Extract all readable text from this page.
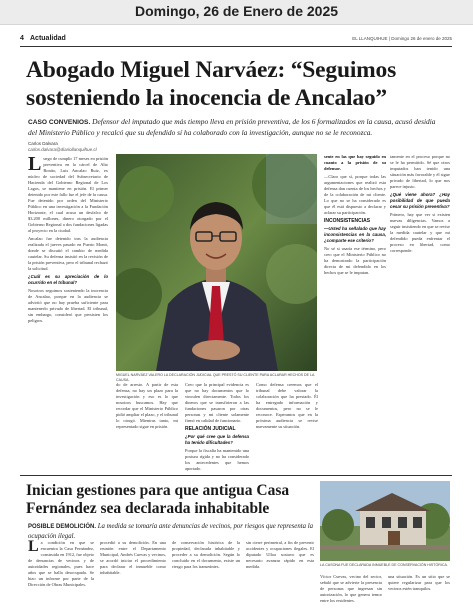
Domingo, 26 de Enero de 2025
4 Actualidad	EL LLANQUIHUE | Domingo 26 de enero de 2025
Abogado Miguel Narváez: “Seguimos sosteniendo la inocencia de Ancalao”

CASO CONVENIOS. Defensor del imputado que más tiempo lleva en prisión preventiva, de los 6 formalizados en la causa, acusó desidia del Ministerio Público y recalcó que su defendido sí ha colaborado con la investigación, aunque no se le reconozca.

Carlos Dalvara
carlos.dalvara@diariollanquihue.cl

Luego de cumplir 17 meses en prisión preventiva en la cárcel de Alto Bonito, Luis Ancalao Ruiz, ex núcleo de sociedad del Subsecretario de Hacienda del Gobierno Regional de Los Lagos, se mantiene en prisión. El primer detenido por este fallo fue el jefe de la causa. Fue detenido por orden del Ministerio Público en una investigación a la Fundación Horizonte, el cual acusa un desfalco de $3.200 millones, dinero otorgado por el Gobierno Regional a dos fundaciones ligadas al proyecto en la ciudad.

Ancalao fue detenido tras la audiencia realizada el jueves pasado en Puerto Montt, donde se discutió el cambio de medida cautelar. Su defensa insistió en la revisión de la prisión preventiva, pero el tribunal rechazó la solicitud.

¿Cuál es su apreciación de lo ocurrido en el tribunal?

Nosotros seguimos sosteniendo la inocencia de Ancalao, porque en la audiencia se advirtió que no hay prueba suficiente para mantenerlo privado de libertad. El tribunal, sin embargo, consideró que persisten los peligros.

MIGUEL NARVÁEZ VALERO LA DECLARACIÓN JUDICIAL QUE PRESTÓ SU CLIENTE PARA ACLARAR HECHOS DE LA CAUSA.

do de arresto. A partir de esta defensa, no hay un plazo para la investigación y eso es lo que nosotros buscamos. Hay que recordar que el Ministerio Público pidió ampliar el plazo, y el tribunal lo otorgó. Mientras tanto, mi representado sigue en prisión.

Creo que la principal evidencia es que no hay documentos que lo vinculen directamente. Todos los dineros que se transfirieron a las fundaciones pasaron por otras personas y mi cliente solamente firmó en calidad de funcionario.

RELACIÓN JUDICIAL

¿Por qué cree que la defensa ha tenido dificultades?

Porque la fiscalía ha mantenido una postura rígida y no ha considerado los antecedentes que hemos aportado.

Como defensa creemos que el tribunal debe valorar la colaboración que ha prestado. Él ha entregado información y documentos, pero no se le reconoce. Esperamos que en la próxima audiencia se revise nuevamente su situación.

sente en las que hay seguido en cuanto a la prisión de su defensor.

—Claro que sí, porque todas las argumentaciones que realizó esta defensa dan cuenta de los hechos y de la colaboración de mi cliente. Lo que no se ha considerado es que él está dispuesto a declarar y aclarar su participación.

INCONSISTENCIAS

—Usted ha señalado que hay inconsistencias en la causa, ¿comparte ese criterio?

No sé si usaría ese término, pero creo que el Ministerio Público no ha demostrado la participación directa de mi defendido en los hechos que se le imputan.

tamente en el proceso porque no se le ha permitido. Sé que otros imputados han tenido una situación más favorable y él sigue privado de libertad, lo que nos parece injusto.

¿Qué viene ahora? ¿Hay posibilidad de que pueda cesar su prisión preventiva?

Primero, hay que ver si existen nuevas diligencias. Vamos a seguir insistiendo en que se revise la medida cautelar y que mi defendido pueda enfrentar el proceso en libertad, como corresponde.

Inician gestiones para que antigua Casa Fernández sea declarada inhabitable

POSIBLE DEMOLICIÓN. La medida se tomaría ante denuncias de vecinos, por riesgos que representa la ocupación ilegal.

LA CASONA FUE DECLARADA INMUEBLE DE CONSERVACIÓN HISTÓRICA.

La condición en que se encuentra la Casa Fernández, construida en 1912, fue objeto de denuncias de vecinos y de autoridades regionales, pues hace años que se halla desocupada. Se hizo un informe por parte de la Dirección de Obras Municipales.

procedió a su demolición. En una reunión entre el Departamento Municipal, Andrés Cuevas y vecinos, se acordó iniciar el procedimiento para declarar el inmueble como inhabitable.

de conservación histórica de la propiedad, declarada inhabitable y proceder a su demolición. Según lo concluido en el documento, existe un riesgo para los transeúntes.

sin cierre perimetral, a fin de prevenir accidentes y ocupaciones ilegales. El diputado Ulloa sostuvo que es necesario avanzar rápido en esta medida.

Víctor Cuevas, vecino del sector, señaló que se advierte la presencia de personas que ingresan sin autorización, lo que genera temor entre los residentes.

una situación. Es un sitio que se quiere regularizar para que los vecinos estén tranquilos.
